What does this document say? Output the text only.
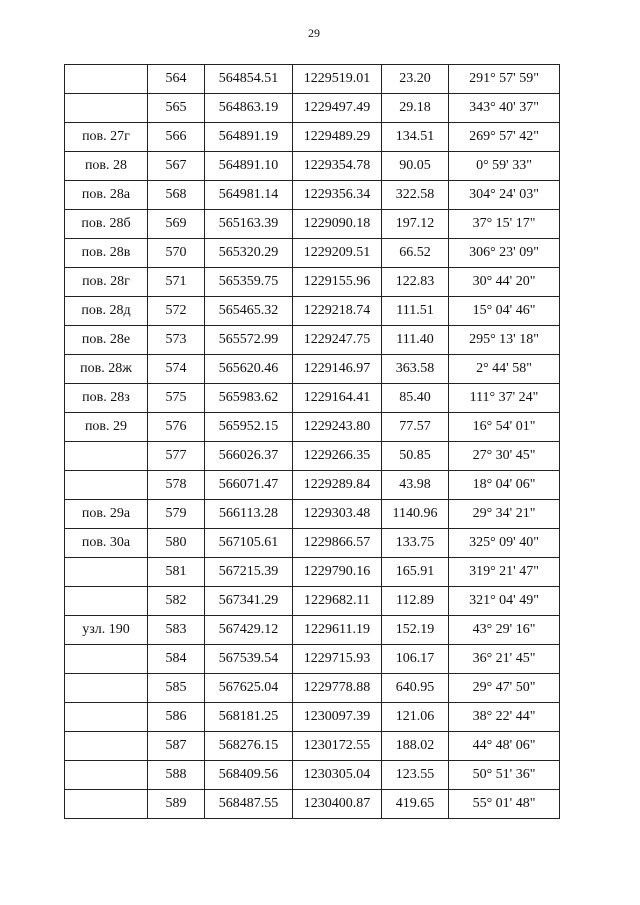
29
	564	564854.51	1229519.01	23.20	291° 57' 59"
	565	564863.19	1229497.49	29.18	343° 40' 37"
пов. 27г	566	564891.19	1229489.29	134.51	269° 57' 42"
пов. 28	567	564891.10	1229354.78	90.05	0° 59' 33"
пов. 28а	568	564981.14	1229356.34	322.58	304° 24' 03"
пов. 28б	569	565163.39	1229090.18	197.12	37° 15' 17"
пов. 28в	570	565320.29	1229209.51	66.52	306° 23' 09"
пов. 28г	571	565359.75	1229155.96	122.83	30° 44' 20"
пов. 28д	572	565465.32	1229218.74	111.51	15° 04' 46"
пов. 28е	573	565572.99	1229247.75	111.40	295° 13' 18"
пов. 28ж	574	565620.46	1229146.97	363.58	2° 44' 58"
пов. 28з	575	565983.62	1229164.41	85.40	111° 37' 24"
пов. 29	576	565952.15	1229243.80	77.57	16° 54' 01"
	577	566026.37	1229266.35	50.85	27° 30' 45"
	578	566071.47	1229289.84	43.98	18° 04' 06"
пов. 29а	579	566113.28	1229303.48	1140.96	29° 34' 21"
пов. 30а	580	567105.61	1229866.57	133.75	325° 09' 40"
	581	567215.39	1229790.16	165.91	319° 21' 47"
	582	567341.29	1229682.11	112.89	321° 04' 49"
узл. 190	583	567429.12	1229611.19	152.19	43° 29' 16"
	584	567539.54	1229715.93	106.17	36° 21' 45"
	585	567625.04	1229778.88	640.95	29° 47' 50"
	586	568181.25	1230097.39	121.06	38° 22' 44"
	587	568276.15	1230172.55	188.02	44° 48' 06"
	588	568409.56	1230305.04	123.55	50° 51' 36"
	589	568487.55	1230400.87	419.65	55° 01' 48"
